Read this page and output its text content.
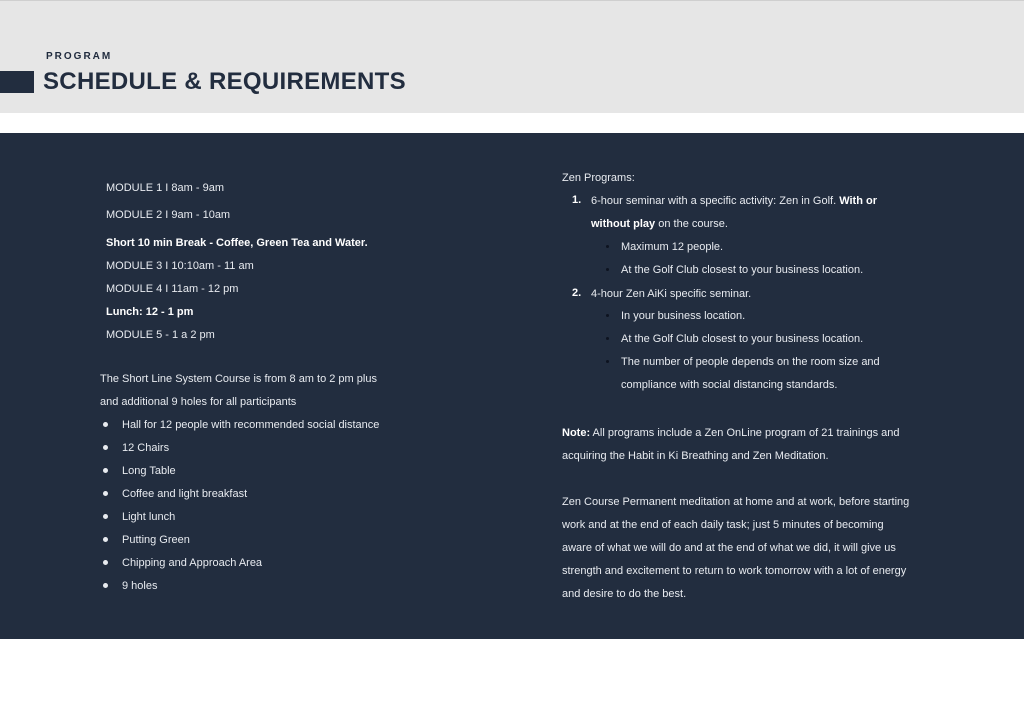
PROGRAM
SCHEDULE & REQUIREMENTS
MODULE 1 I 8am - 9am
MODULE 2 I 9am - 10am
Short 10 min Break - Coffee, Green Tea and Water.
MODULE 3 I 10:10am - 11 am
MODULE 4 I 11am - 12 pm
Lunch: 12 - 1 pm
MODULE 5 - 1 a 2 pm
The Short Line System Course is from 8 am to 2 pm plus
and additional 9 holes for all participants
Hall for 12 people with recommended social distance
12 Chairs
Long Table
Coffee and light breakfast
Light lunch
Putting Green
Chipping and Approach Area
9 holes
Zen Programs:
1. 6-hour seminar with a specific activity: Zen in Golf. With or
without play on the course.
Maximum 12 people.
At the Golf Club closest to your business location.
2. 4-hour Zen AiKi specific seminar.
In your business location.
At the Golf Club closest to your business location.
The number of people depends on the room size and
compliance with social distancing standards.
Note: All programs include a Zen OnLine program of 21 trainings and
acquiring the Habit in Ki Breathing and Zen Meditation.
Zen Course Permanent meditation at home and at work, before starting
work and at the end of each daily task; just 5 minutes of becoming
aware of what we will do and at the end of what we did, it will give us
strength and excitement to return to work tomorrow with a lot of energy
and desire to do the best.
